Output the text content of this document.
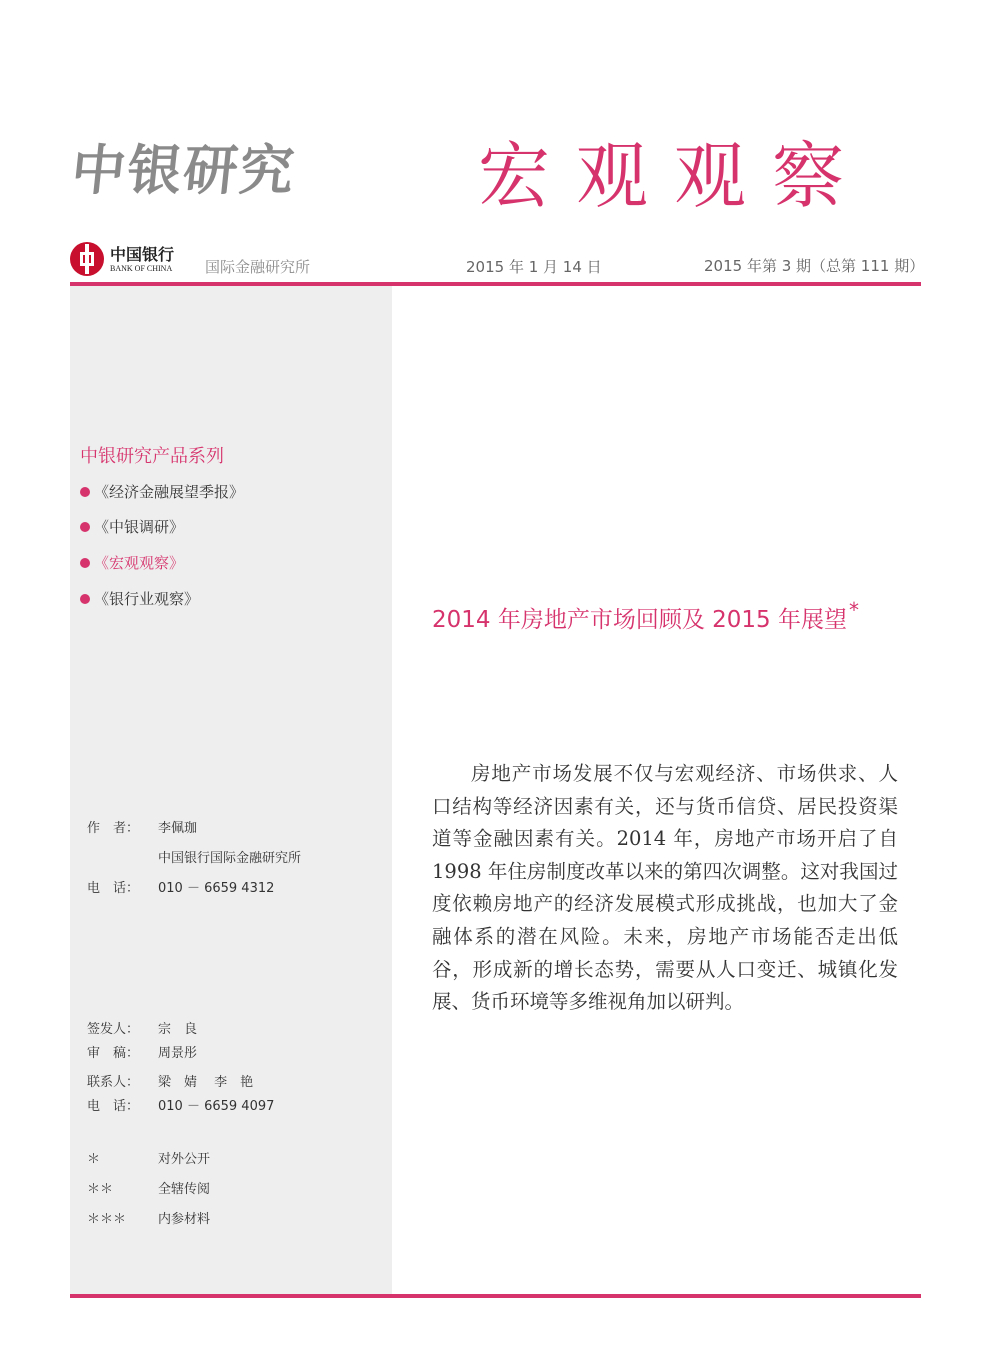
中银研究 宏观观察
中国银行
BANK OF CHINA 国际金融研究所	2015 年 1 月 14 日	2015 年第 3 期（总第 111 期）
中银研究产品系列
《经济金融展望季报》
《中银调研》
《宏观观察》
《银行业观察》
作　者： 李佩珈
中国银行国际金融研究所
电　话： 010 － 6659 4312
签发人： 宗　良
审　稿： 周景彤
联系人： 梁　婧　 李　艳
电　话： 010 － 6659 4097
＊	对外公开
＊＊	全辖传阅
＊＊＊ 内参材料
2014 年房地产市场回顾及 2015 年展望 *
房地产市场发展不仅与宏观经济、市场供求、人口结构等经济因素有关，还与货币信贷、居民投资渠道等金融因素有关。2014 年，房地产市场开启了自 1998 年住房制度改革以来的第四次调整。这对我国过度依赖房地产的经济发展模式形成挑战，也加大了金融体系的潜在风险。未来，房地产市场能否走出低谷，形成新的增长态势，需要从人口变迁、城镇化发展、货币环境等多维视角加以研判。
